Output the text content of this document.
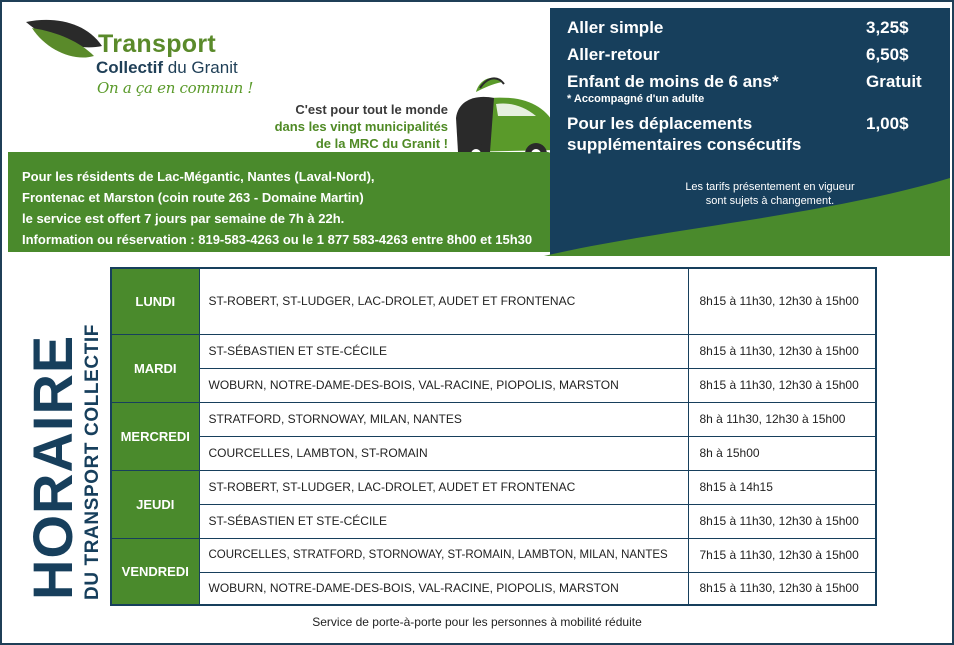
Transport
Collectif du Granit
On a ça en commun !
C'est pour tout le monde
dans les vingt municipalités
de la MRC du Granit !
Aller simple	3,25$
Aller-retour	6,50$
Enfant de moins de 6 ans*	Gratuit
* Accompagné d'un adulte
Pour les déplacements
supplémentaires consécutifs
1,00$
Les tarifs présentement en vigueur
sont sujets à changement.
Pour les résidents de Lac-Mégantic, Nantes (Laval-Nord),
Frontenac et Marston (coin route 263 - Domaine Martin)
le service est offert 7 jours par semaine de 7h à 22h.
Information ou réservation : 819-583-4263 ou le 1 877 583-4263 entre 8h00 et 15h30
HORAIRE
DU TRANSPORT COLLECTIF
LUNDI	ST-ROBERT, ST-LUDGER, LAC-DROLET, AUDET ET FRONTENAC	8h15 à 11h30, 12h30 à 15h00
MARDI	ST-SÉBASTIEN ET STE-CÉCILE	8h15 à 11h30, 12h30 à 15h00
	WOBURN, NOTRE-DAME-DES-BOIS, VAL-RACINE, PIOPOLIS, MARSTON	8h15 à 11h30, 12h30 à 15h00
MERCREDI	STRATFORD, STORNOWAY, MILAN, NANTES	8h à 11h30, 12h30 à 15h00
	COURCELLES, LAMBTON, ST-ROMAIN	8h à 15h00
JEUDI	ST-ROBERT, ST-LUDGER, LAC-DROLET, AUDET ET FRONTENAC	8h15 à 14h15
	ST-SÉBASTIEN ET STE-CÉCILE	8h15 à 11h30, 12h30 à 15h00
VENDREDI	COURCELLES, STRATFORD, STORNOWAY, ST-ROMAIN, LAMBTON, MILAN, NANTES	7h15 à 11h30, 12h30 à 15h00
	WOBURN, NOTRE-DAME-DES-BOIS, VAL-RACINE, PIOPOLIS, MARSTON	8h15 à 11h30, 12h30 à 15h00
Service de porte-à-porte pour les personnes à mobilité réduite
